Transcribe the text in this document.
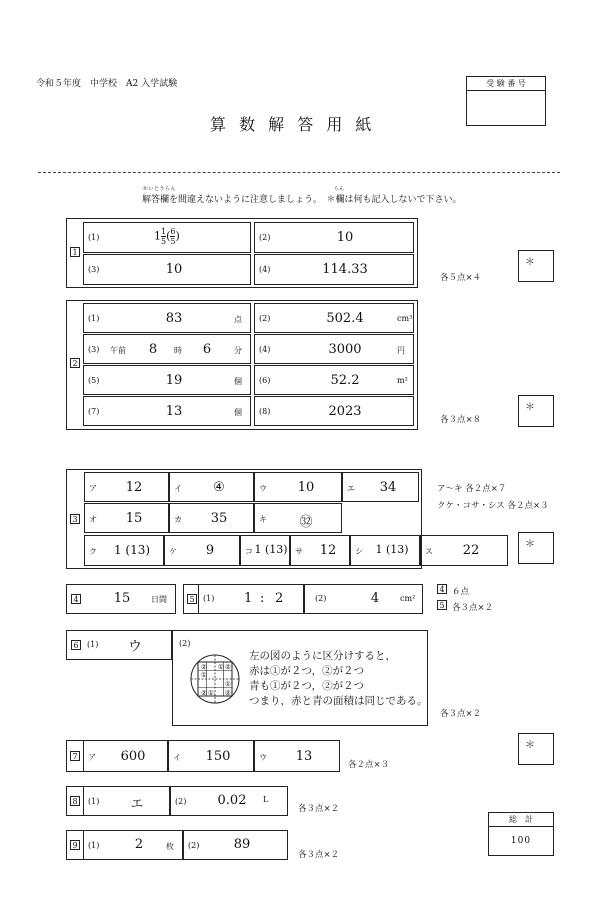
令和５年度　中学校　A2 入学試験
算 数 解 答 用 紙
受 験 番 号
かいとうらん	らん
解答欄を間違えないように注意しましょう。　＊欄は何も記入しないで下さい。
1
(1)	$1 \frac{1}{5}$ ( $\frac{6}{5}$ )	(2)	10
(3)	10	(4)	114.33
各５点×４
＊
2
(1)	83	点 (2)	502.4	cm³
(3) 午前 8	時 6	分 (4)	3000	円
(5)	19	個 (6)	52.2	m²
(7)	13	個 (8)	2023
各３点×８
＊
3
ア	12	イ	④	ウ	10	エ	34
オ	15	カ	35	キ	㉜
ク	1 (13)	ケ	9	コ 1 (13) サ	12	シ	1 (13)	ス	22
ア〜キ 各２点×７
クケ・コサ・シス 各２点×３
＊
4	15	日間	5	(1) 1 : 2	(2)	4	cm²
4 ６点
5 各３点×２
6	(1)	ウ	(2)
② ① ②
①
①
①
②	②
左の図のように区分けすると，
赤は①が２つ，②が２つ
青も①が２つ，②が２つ
つまり，赤と青の面積は同じである。
各３点×２
7	ア	600	イ	150	ウ	13
各２点×３
＊
8	(1)	エ	(2)	0.02	L
各３点×２
9	(1)	2	枚 (2)	89
各３点×２
総　計
100
